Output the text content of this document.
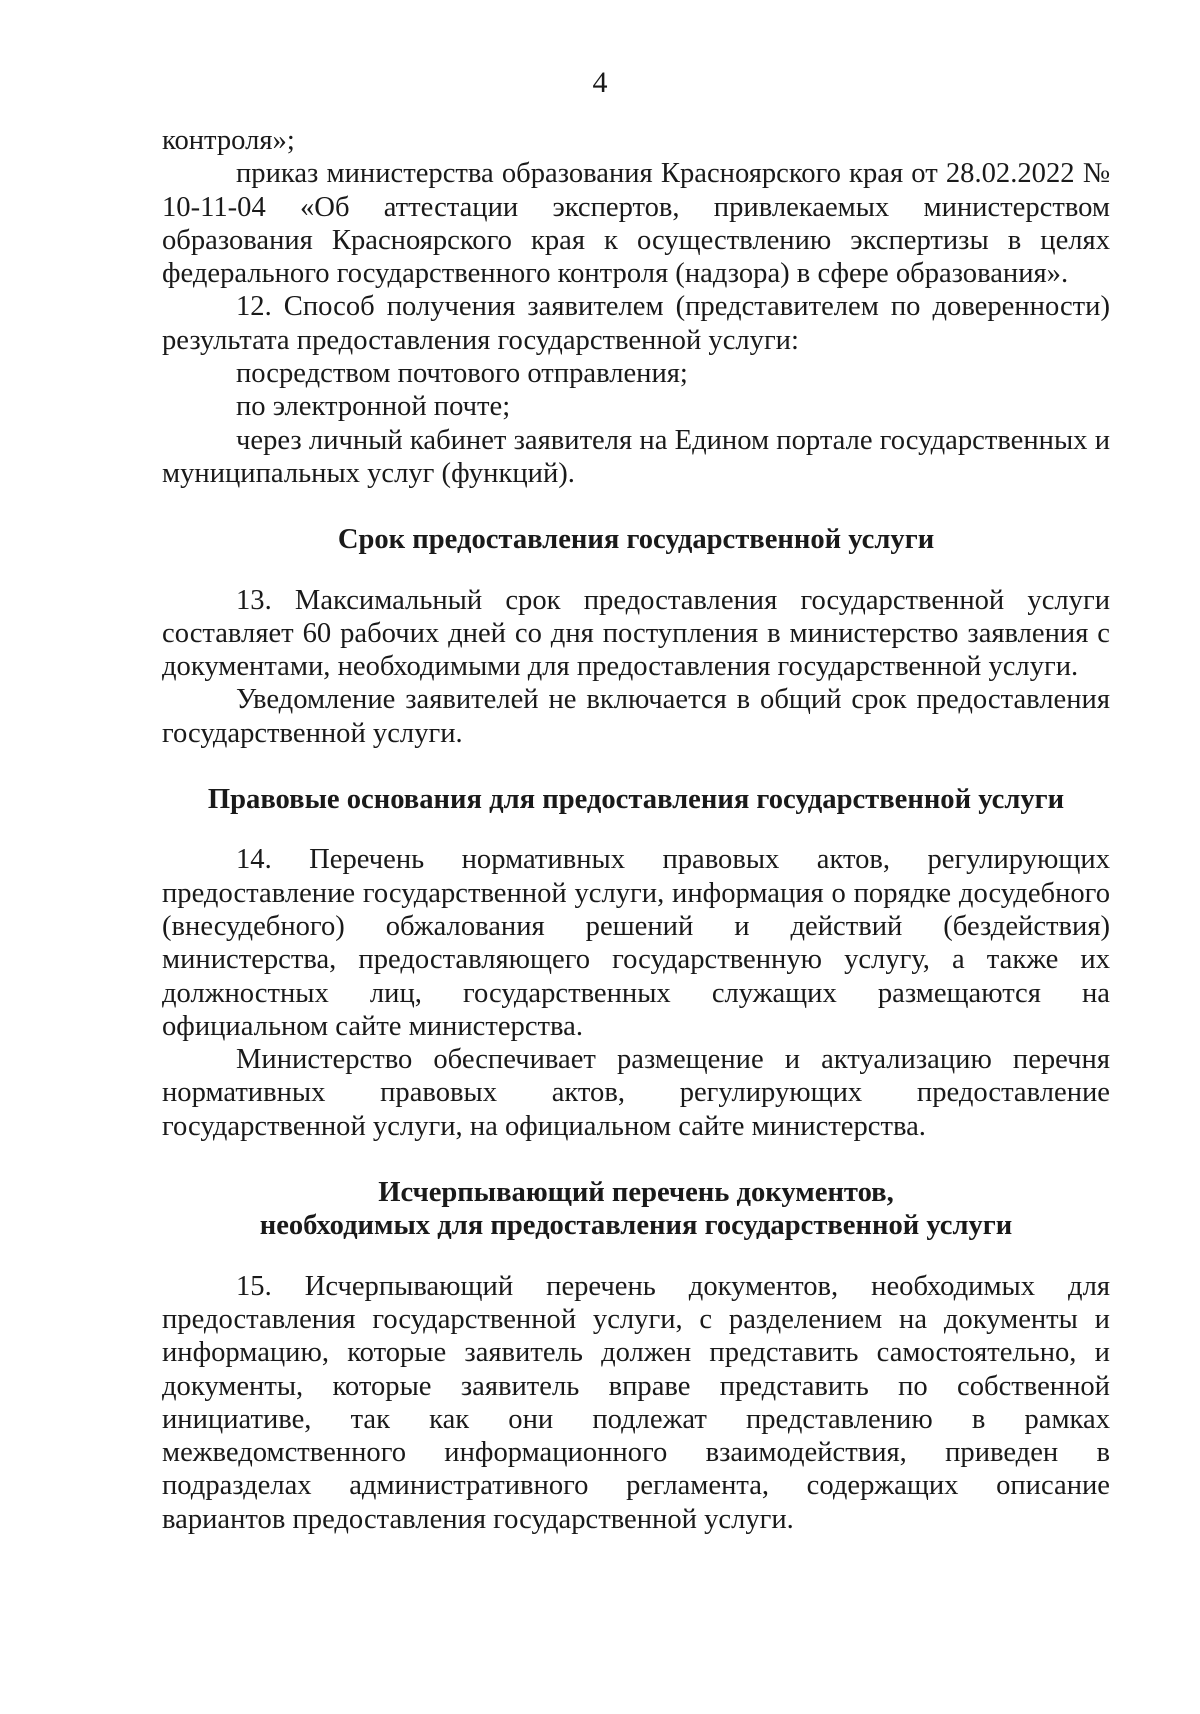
4

контроля»;

приказ министерства образования Красноярского края от 28.02.2022 № 10-11-04 «Об аттестации экспертов, привлекаемых министерством образования Красноярского края к осуществлению экспертизы в целях федерального государственного контроля (надзора) в сфере образования».

12. Способ получения заявителем (представителем по доверенности) результата предоставления государственной услуги:

посредством почтового отправления;

по электронной почте;

через личный кабинет заявителя на Едином портале государственных и муниципальных услуг (функций).

Срок предоставления государственной услуги

13. Максимальный срок предоставления государственной услуги составляет 60 рабочих дней со дня поступления в министерство заявления с документами, необходимыми для предоставления государственной услуги.

Уведомление заявителей не включается в общий срок предоставления государственной услуги.

Правовые основания для предоставления государственной услуги

14. Перечень нормативных правовых актов, регулирующих предоставление государственной услуги, информация о порядке досудебного (внесудебного) обжалования решений и действий (бездействия) министерства, предоставляющего государственную услугу, а также их должностных лиц, государственных служащих размещаются на официальном сайте министерства.

Министерство обеспечивает размещение и актуализацию перечня нормативных правовых актов, регулирующих предоставление государственной услуги, на официальном сайте министерства.

Исчерпывающий перечень документов,
необходимых для предоставления государственной услуги

15. Исчерпывающий перечень документов, необходимых для предоставления государственной услуги, с разделением на документы и информацию, которые заявитель должен представить самостоятельно, и документы, которые заявитель вправе представить по собственной инициативе, так как они подлежат представлению в рамках межведомственного информационного взаимодействия, приведен в подразделах административного регламента, содержащих описание вариантов предоставления государственной услуги.
